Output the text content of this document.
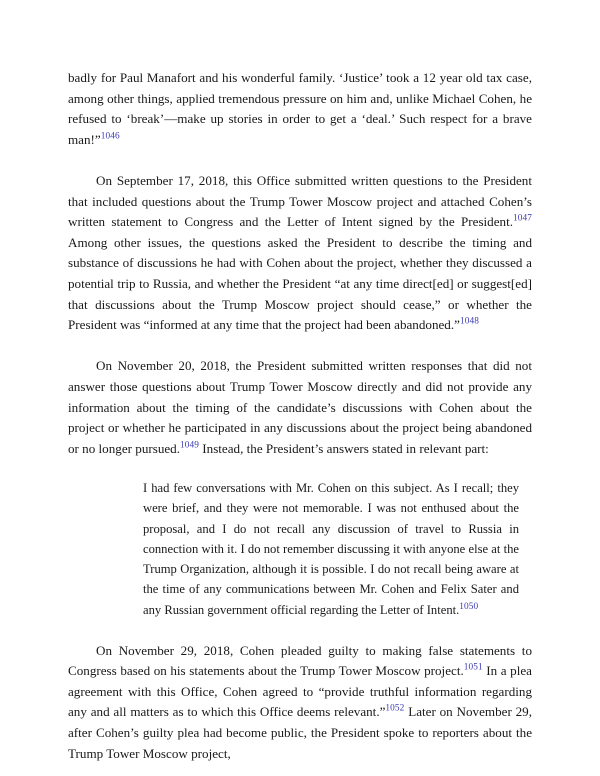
badly for Paul Manafort and his wonderful family. ‘Justice’ took a 12 year old tax case, among other things, applied tremendous pressure on him and, unlike Michael Cohen, he refused to ‘break’—make up stories in order to get a ‘deal.’ Such respect for a brave man!”$^{1046}$

On September 17, 2018, this Office submitted written questions to the President that included questions about the Trump Tower Moscow project and attached Cohen’s written statement to Congress and the Letter of Intent signed by the President.$^{1047}$ Among other issues, the questions asked the President to describe the timing and substance of discussions he had with Cohen about the project, whether they discussed a potential trip to Russia, and whether the President “at any time direct[ed] or suggest[ed] that discussions about the Trump Moscow project should cease,” or whether the President was “informed at any time that the project had been abandoned.”$^{1048}$

On November 20, 2018, the President submitted written responses that did not answer those questions about Trump Tower Moscow directly and did not provide any information about the timing of the candidate’s discussions with Cohen about the project or whether he participated in any discussions about the project being abandoned or no longer pursued.$^{1049}$ Instead, the President’s answers stated in relevant part:

I had few conversations with Mr. Cohen on this subject. As I recall; they were brief, and they were not memorable. I was not enthused about the proposal, and I do not recall any discussion of travel to Russia in connection with it. I do not remember discussing it with anyone else at the Trump Organization, although it is possible. I do not recall being aware at the time of any communications between Mr. Cohen and Felix Sater and any Russian government official regarding the Letter of Intent.$^{1050}$

On November 29, 2018, Cohen pleaded guilty to making false statements to Congress based on his statements about the Trump Tower Moscow project.$^{1051}$ In a plea agreement with this Office, Cohen agreed to “provide truthful information regarding any and all matters as to which this Office deems relevant.”$^{1052}$ Later on November 29, after Cohen’s guilty plea had become public, the President spoke to reporters about the Trump Tower Moscow project,
